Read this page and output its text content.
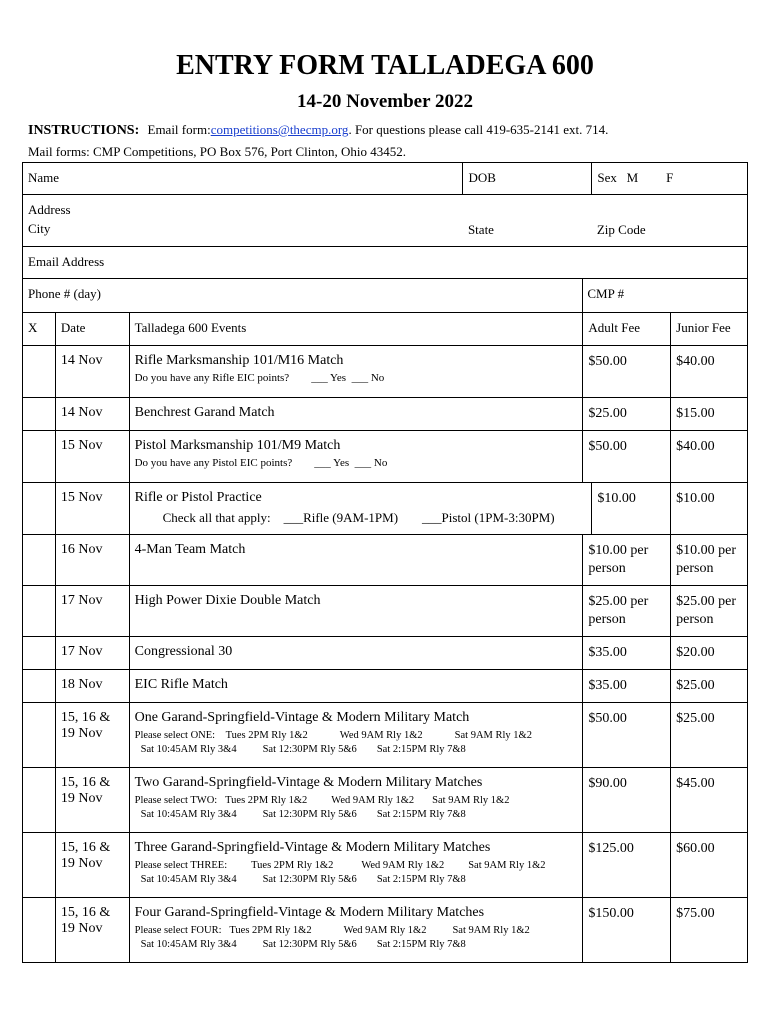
ENTRY FORM TALLADEGA 600
14-20 November 2022
INSTRUCTIONS: Email form:competitions@thecmp.org. For questions please call 419-635-2141 ext. 714.
Mail forms: CMP Competitions, PO Box 576, Port Clinton, Ohio 43452.
Name			DOB		Sex M F	

Address
City			State		Zip Code	

Email Address						
Phone # (day)				CMP #		
X	Date	Talladega 600 Events		Adult Fee		Junior Fee
	14 Nov	Rifle Marksmanship 101/M16 Match
Do you have any Rifle EIC points? ___ Yes ___ No		$50.00		$40.00
	14 Nov	Benchrest Garand Match		$25.00		$15.00
	15 Nov	Pistol Marksmanship 101/M9 Match
Do you have any Pistol EIC points? ___ Yes ___ No		$50.00		$40.00
	15 Nov	Rifle or Pistol Practice
Check all that apply: ___Rifle (9AM-1PM) ___Pistol (1PM-3:30PM)			$10.00	$10.00
	16 Nov	4-Man Team Match		$10.00 per person		$10.00 per person
	17 Nov	High Power Dixie Double Match		$25.00 per person		$25.00 per person
	17 Nov	Congressional 30		$35.00		$20.00
	18 Nov	EIC Rifle Match		$35.00		$25.00
	15, 16 & 19 Nov	One Garand-Springfield-Vintage & Modern Military Match
Please select ONE: Tues 2PM Rly 1&2 Wed 9AM Rly 1&2 Sat 9AM Rly 1&2
Sat 10:45AM Rly 3&4 Sat 12:30PM Rly 5&6 Sat 2:15PM Rly 7&8		$50.00		$25.00
	15, 16 & 19 Nov	Two Garand-Springfield-Vintage & Modern Military Matches
Please select TWO: Tues 2PM Rly 1&2 Wed 9AM Rly 1&2 Sat 9AM Rly 1&2
Sat 10:45AM Rly 3&4 Sat 12:30PM Rly 5&6 Sat 2:15PM Rly 7&8		$90.00		$45.00
	15, 16 & 19 Nov	Three Garand-Springfield-Vintage & Modern Military Matches
Please select THREE: Tues 2PM Rly 1&2 Wed 9AM Rly 1&2 Sat 9AM Rly 1&2
Sat 10:45AM Rly 3&4 Sat 12:30PM Rly 5&6 Sat 2:15PM Rly 7&8		$125.00		$60.00
	15, 16 & 19 Nov	Four Garand-Springfield-Vintage & Modern Military Matches
Please select FOUR: Tues 2PM Rly 1&2 Wed 9AM Rly 1&2 Sat 9AM Rly 1&2
Sat 10:45AM Rly 3&4 Sat 12:30PM Rly 5&6 Sat 2:15PM Rly 7&8		$150.00		$75.00
